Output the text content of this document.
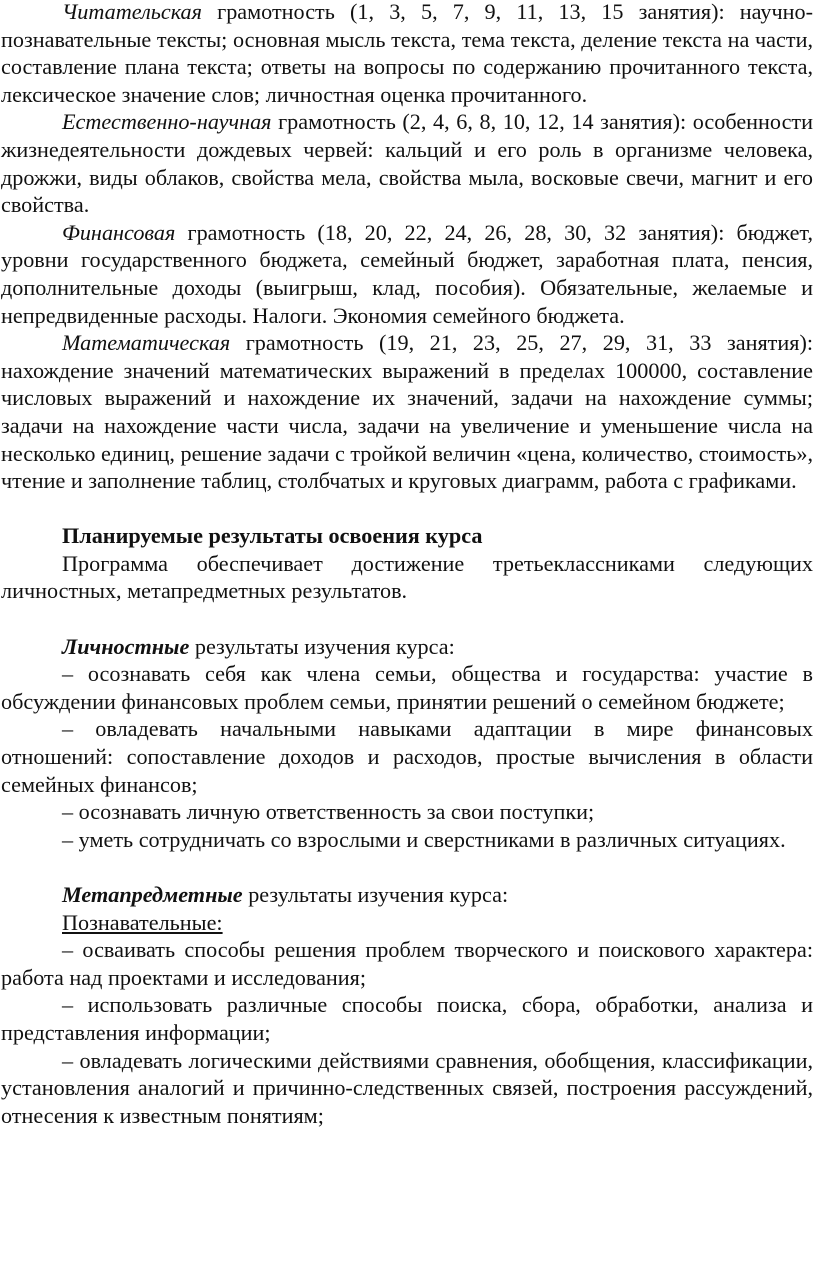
Читательская грамотность (1, 3, 5, 7, 9, 11, 13, 15 занятия): научно-познавательные тексты; основная мысль текста, тема текста, деление текста на части, составление плана текста; ответы на вопросы по содержанию прочитанного текста, лексическое значение слов; личностная оценка прочитанного.

Естественно-научная грамотность (2, 4, 6, 8, 10, 12, 14 занятия): особенности жизнедеятельности дождевых червей: кальций и его роль в организме человека, дрожжи, виды облаков, свойства мела, свойства мыла, восковые свечи, магнит и его свойства.

Финансовая грамотность (18, 20, 22, 24, 26, 28, 30, 32 занятия): бюджет, уровни государственного бюджета, семейный бюджет, заработная плата, пенсия, дополнительные доходы (выигрыш, клад, пособия). Обязательные, желаемые и непредвиденные расходы. Налоги. Экономия семейного бюджета.

Математическая грамотность (19, 21, 23, 25, 27, 29, 31, 33 занятия): нахождение значений математических выражений в пределах 100000, составление числовых выражений и нахождение их значений, задачи на нахождение суммы; задачи на нахождение части числа, задачи на увеличение и уменьшение числа на несколько единиц, решение задачи с тройкой величин «цена, количество, стоимость», чтение и заполнение таблиц, столбчатых и круговых диаграмм, работа с графиками.

Планируемые результаты освоения курса

Программа обеспечивает достижение третьеклассниками следующих личностных, метапредметных результатов.

Личностные результаты изучения курса:

– осознавать себя как члена семьи, общества и государства: участие в обсуждении финансовых проблем семьи, принятии решений о семейном бюджете;

– овладевать начальными навыками адаптации в мире финансовых отношений: сопоставление доходов и расходов, простые вычисления в области семейных финансов;

– осознавать личную ответственность за свои поступки;

– уметь сотрудничать со взрослыми и сверстниками в различных ситуациях.

Метапредметные результаты изучения курса:

Познавательные:

– осваивать способы решения проблем творческого и поискового характера: работа над проектами и исследования;

– использовать различные способы поиска, сбора, обработки, анализа и представления информации;

– овладевать логическими действиями сравнения, обобщения, классификации, установления аналогий и причинно-следственных связей, построения рассуждений, отнесения к известным понятиям;
